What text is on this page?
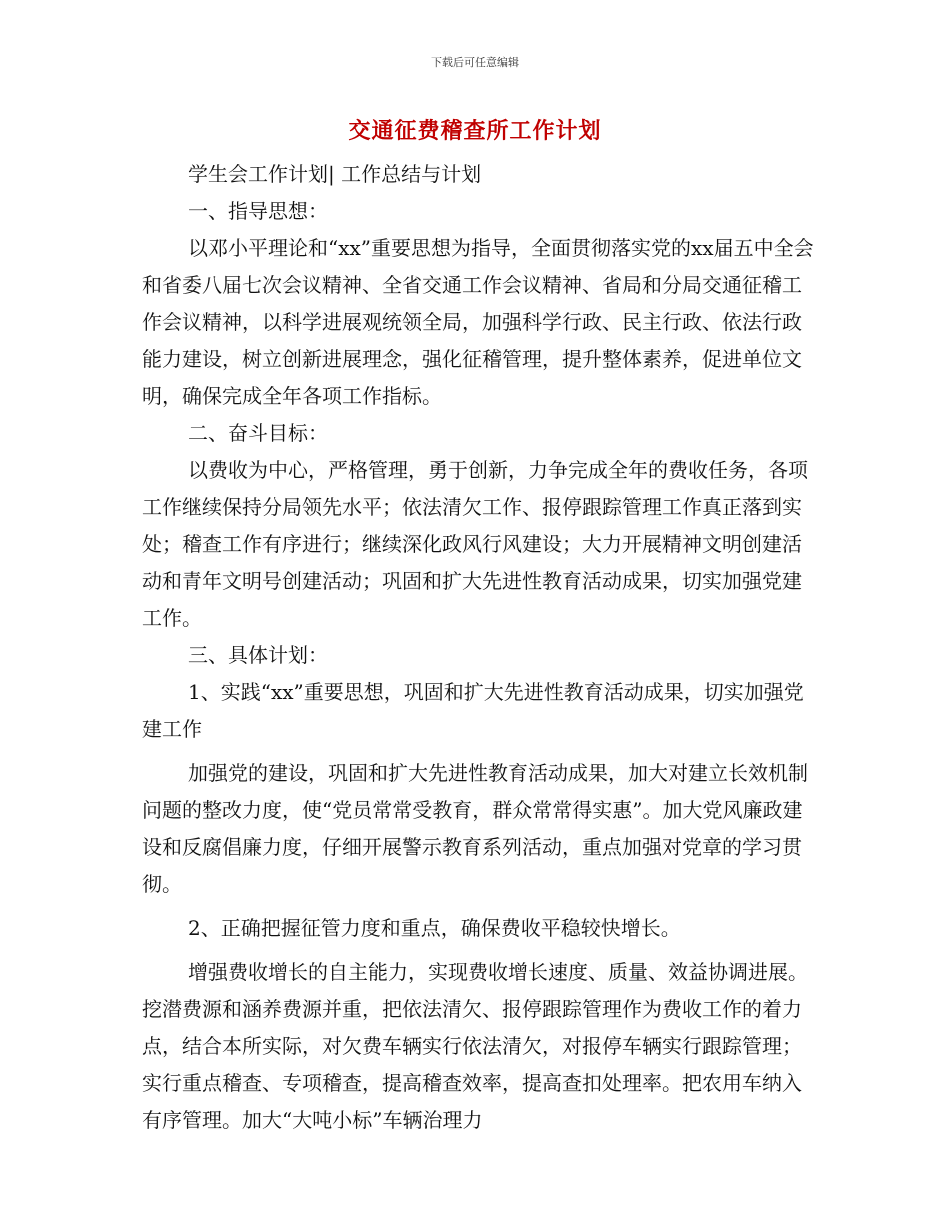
下载后可任意编辑
交通征费稽查所工作计划

学生会工作计划| 工作总结与计划

一、指导思想：

以邓小平理论和“xx”重要思想为指导，全面贯彻落实党的xx届五中全会和省委八届七次会议精神、全省交通工作会议精神、省局和分局交通征稽工作会议精神，以科学进展观统领全局，加强科学行政、民主行政、依法行政能力建设，树立创新进展理念，强化征稽管理，提升整体素养，促进单位文明，确保完成全年各项工作指标。

二、奋斗目标：

以费收为中心，严格管理，勇于创新，力争完成全年的费收任务，各项工作继续保持分局领先水平；依法清欠工作、报停跟踪管理工作真正落到实处；稽查工作有序进行；继续深化政风行风建设；大力开展精神文明创建活动和青年文明号创建活动；巩固和扩大先进性教育活动成果，切实加强党建工作。

三、具体计划：

1、实践“xx”重要思想，巩固和扩大先进性教育活动成果，切实加强党建工作

加强党的建设，巩固和扩大先进性教育活动成果，加大对建立长效机制问题的整改力度，使“党员常常受教育，群众常常得实惠”。加大党风廉政建设和反腐倡廉力度，仔细开展警示教育系列活动，重点加强对党章的学习贯彻。

2、正确把握征管力度和重点，确保费收平稳较快增长。

增强费收增长的自主能力，实现费收增长速度、质量、效益协调进展。挖潜费源和涵养费源并重，把依法清欠、报停跟踪管理作为费收工作的着力点，结合本所实际，对欠费车辆实行依法清欠，对报停车辆实行跟踪管理；实行重点稽查、专项稽查，提高稽查效率，提高查扣处理率。把农用车纳入有序管理。加大“大吨小标”车辆治理力
